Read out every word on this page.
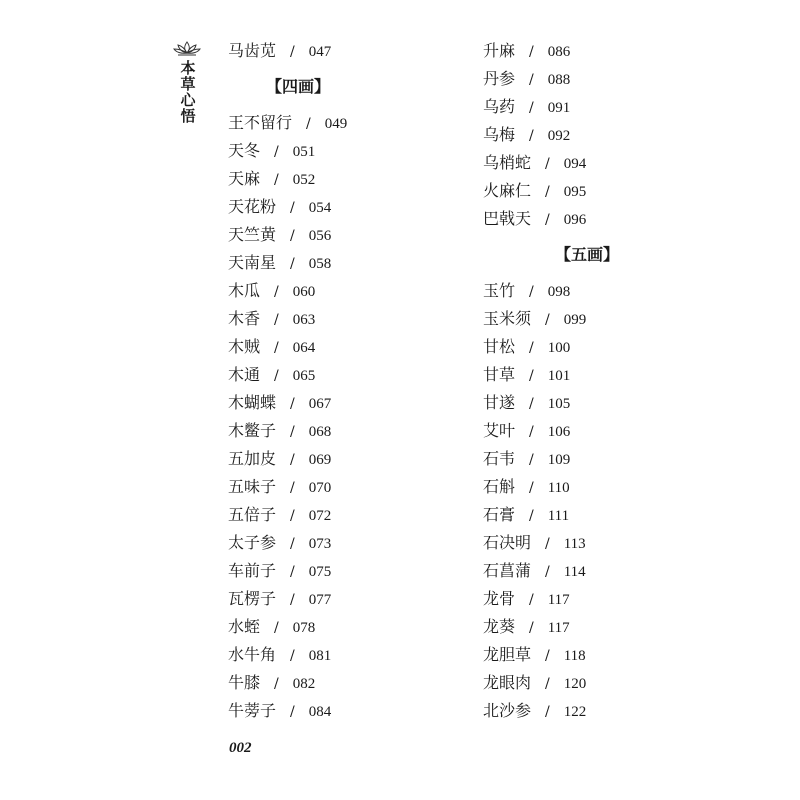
本草心悟
马齿苋 / 047
【四画】
王不留行 / 049
天冬 / 051
天麻 / 052
天花粉 / 054
天竺黄 / 056
天南星 / 058
木瓜 / 060
木香 / 063
木贼 / 064
木通 / 065
木蝴蝶 / 067
木鳖子 / 068
五加皮 / 069
五味子 / 070
五倍子 / 072
太子参 / 073
车前子 / 075
瓦楞子 / 077
水蛭 / 078
水牛角 / 081
牛膝 / 082
牛蒡子 / 084
升麻 / 086
丹参 / 088
乌药 / 091
乌梅 / 092
乌梢蛇 / 094
火麻仁 / 095
巴戟天 / 096
【五画】
玉竹 / 098
玉米须 / 099
甘松 / 100
甘草 / 101
甘遂 / 105
艾叶 / 106
石韦 / 109
石斛 / 110
石膏 / 111
石决明 / 113
石菖蒲 / 114
龙骨 / 117
龙葵 / 117
龙胆草 / 118
龙眼肉 / 120
北沙参 / 122
002
